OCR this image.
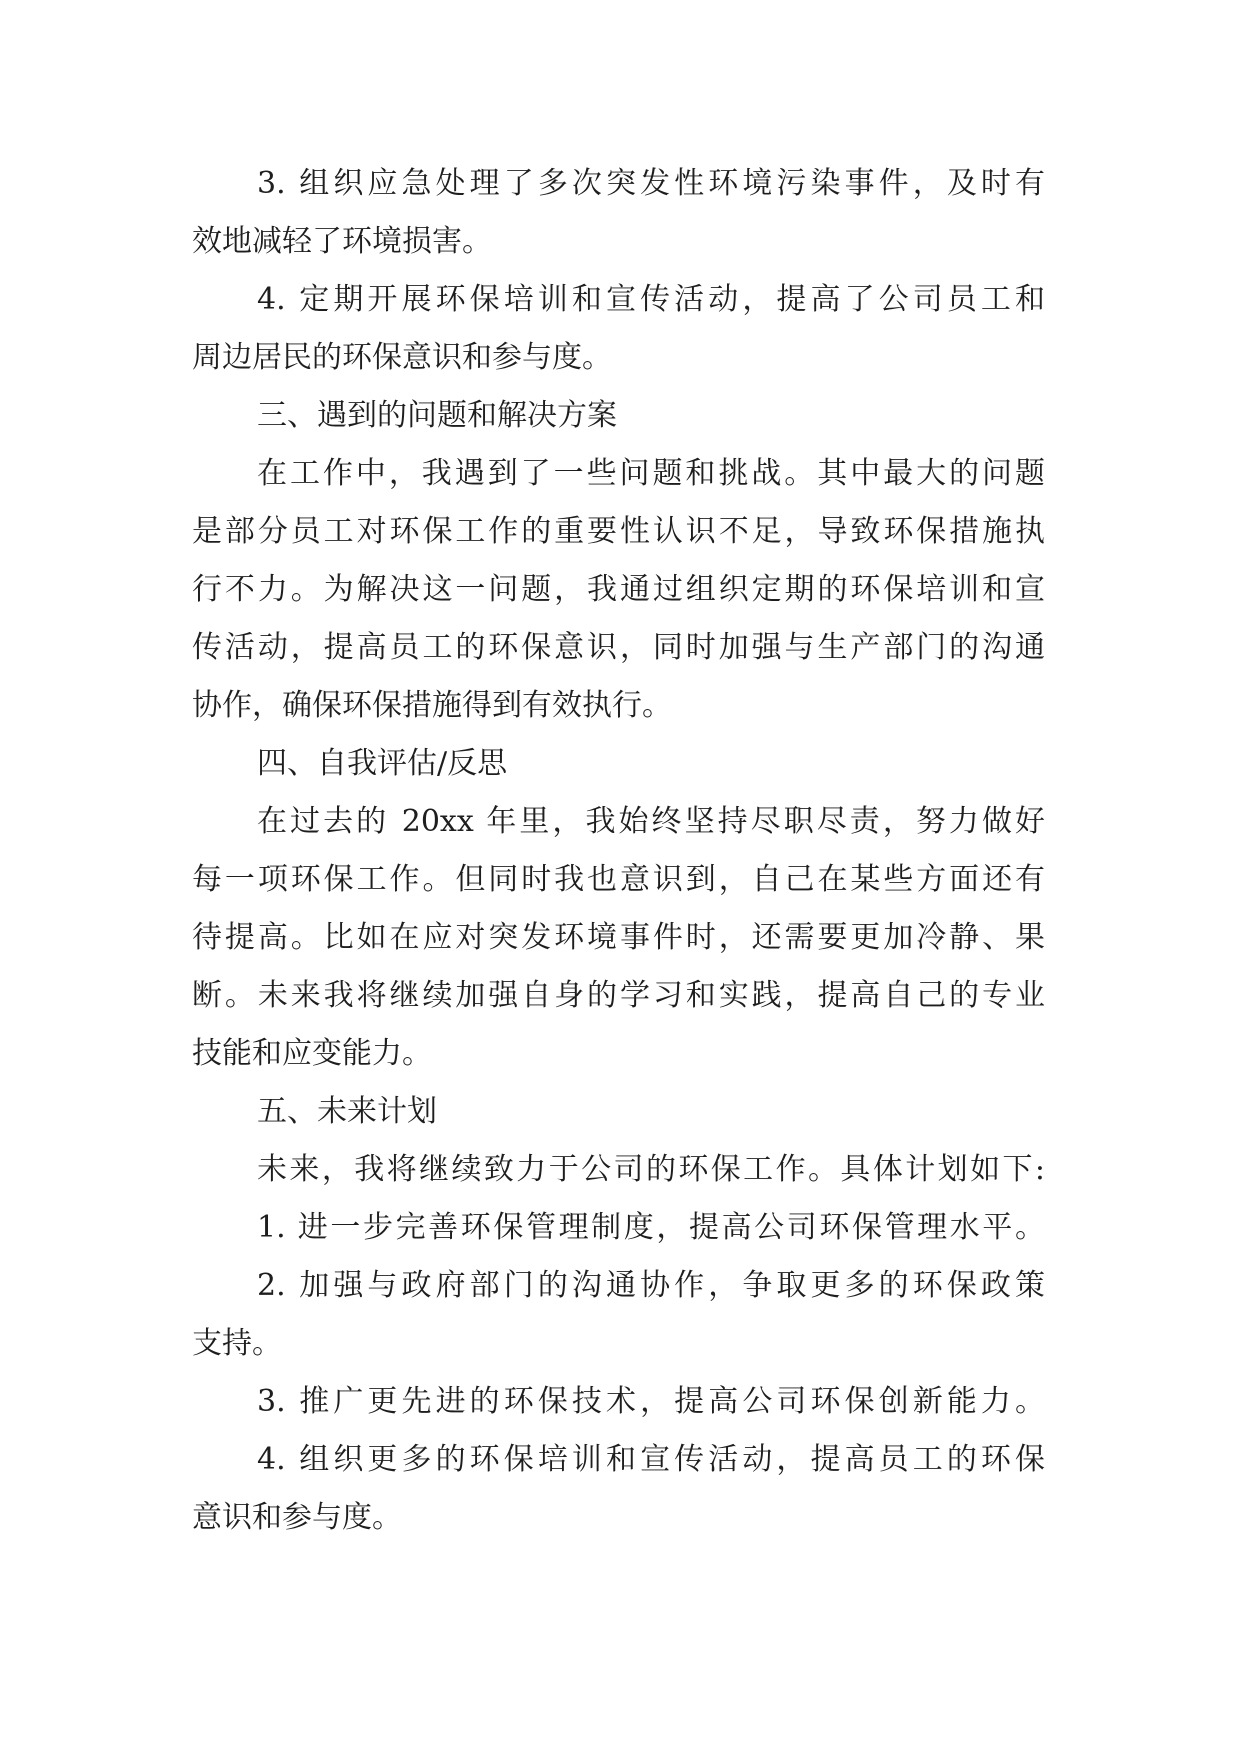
3. 组织应急处理了多次突发性环境污染事件，及时有
效地减轻了环境损害。
4. 定期开展环保培训和宣传活动，提高了公司员工和
周边居民的环保意识和参与度。
三、遇到的问题和解决方案
在工作中，我遇到了一些问题和挑战。其中最大的问题
是部分员工对环保工作的重要性认识不足，导致环保措施执
行不力。为解决这一问题，我通过组织定期的环保培训和宣
传活动，提高员工的环保意识，同时加强与生产部门的沟通
协作，确保环保措施得到有效执行。
四、自我评估/反思
在过去的 20xx 年里，我始终坚持尽职尽责，努力做好
每一项环保工作。但同时我也意识到，自己在某些方面还有
待提高。比如在应对突发环境事件时，还需要更加冷静、果
断。未来我将继续加强自身的学习和实践，提高自己的专业
技能和应变能力。
五、未来计划
未来，我将继续致力于公司的环保工作。具体计划如下:
1. 进一步完善环保管理制度，提高公司环保管理水平。
2. 加强与政府部门的沟通协作，争取更多的环保政策
支持。
3. 推广更先进的环保技术，提高公司环保创新能力。
4. 组织更多的环保培训和宣传活动，提高员工的环保
意识和参与度。
